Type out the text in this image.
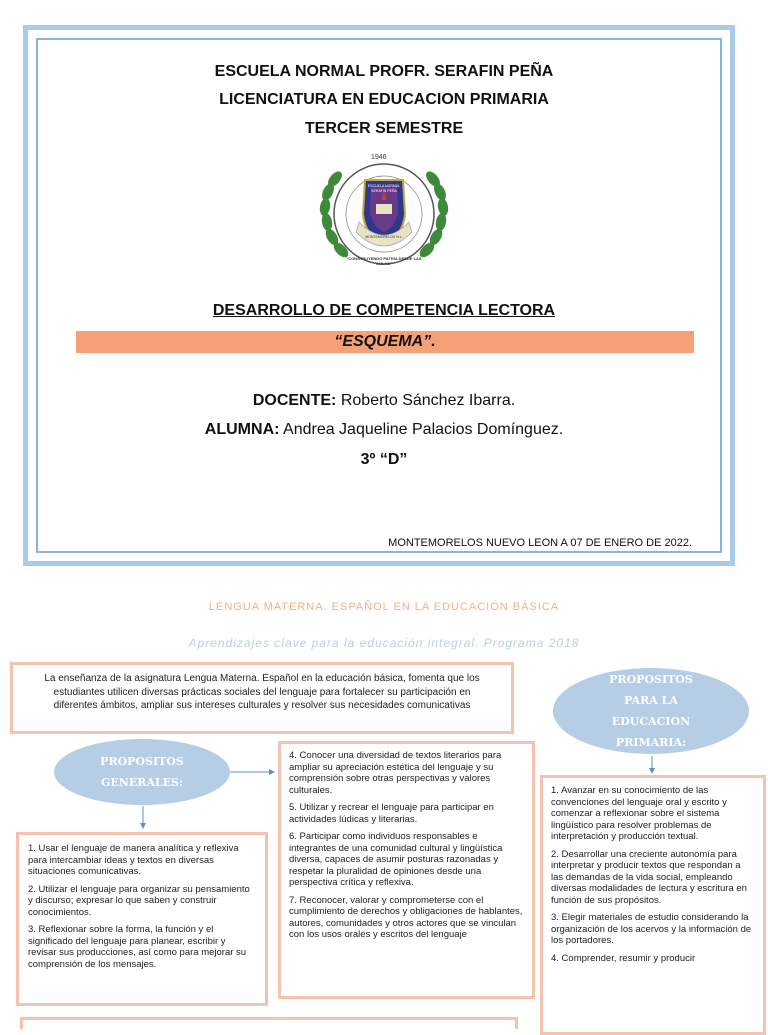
ESCUELA NORMAL PROFR. SERAFIN PEÑA
LICENCIATURA EN EDUCACION PRIMARIA
TERCER SEMESTRE
1946
ESCUELA NORMAL
SERAFIN PEÑA
MONTEMORELOS N.L.
"CONSTRUYENDO PATRIA DESDE LAS AULAS"
DESARROLLO DE COMPETENCIA LECTORA
“ESQUEMA”.
DOCENTE: Roberto Sánchez Ibarra.
ALUMNA: Andrea Jaqueline Palacios Domínguez.
3º “D”
MONTEMORELOS NUEVO LEON A 07 DE ENERO DE 2022.
LENGUA MATERNA. ESPAÑOL EN LA EDUCACIÓN BÁSICA
Aprendizajes clave para la educación integral. Programa 2018
La enseñanza de la asignatura Lengua Materna. Español en la educación básica, fomenta que los estudiantes utilicen diversas prácticas sociales del lenguaje para fortalecer su participación en diferentes ámbitos, ampliar sus intereses culturales y resolver sus necesidades comunicativas
PROPOSITOS PARA LA EDUCACION PRIMARIA:
PROPOSITOS GENERALES:

4. Conocer una diversidad de textos literarios para ampliar su apreciación estética del lenguaje y su comprensión sobre otras perspectivas y valores culturales.

5. Utilizar y recrear el lenguaje para participar en actividades lúdicas y literarias.

6. Participar como individuos responsables e integrantes de una comunidad cultural y lingüística diversa, capaces de asumir posturas razonadas y respetar la pluralidad de opiniones desde una perspectiva crítica y reflexiva.

7. Reconocer, valorar y comprometerse con el cumplimiento de derechos y obligaciones de hablantes, autores, comunidades y otros actores que se vinculan con los usos orales y escritos del lenguaje

1. Usar el lenguaje de manera analítica y reflexiva para intercambiar ideas y textos en diversas situaciones comunicativas.

2. Utilizar el lenguaje para organizar su pensamiento y discurso; expresar lo que saben y construir conocimientos.

3. Reflexionar sobre la forma, la función y el significado del lenguaje para planear, escribir y revisar sus producciones, así como para mejorar su comprensión de los mensajes.

1. Avanzar en su conocimiento de las convenciones del lenguaje oral y escrito y comenzar a reflexionar sobre el sistema lingüístico para resolver problemas de interpretación y producción textual.

2. Desarrollar una creciente autonomía para interpretar y producir textos que respondan a las demandas de la vida social, empleando diversas modalidades de lectura y escritura en función de sus propósitos.

3. Elegir materiales de estudio considerando la organización de los acervos y la información de los portadores.

4. Comprender, resumir y producir
